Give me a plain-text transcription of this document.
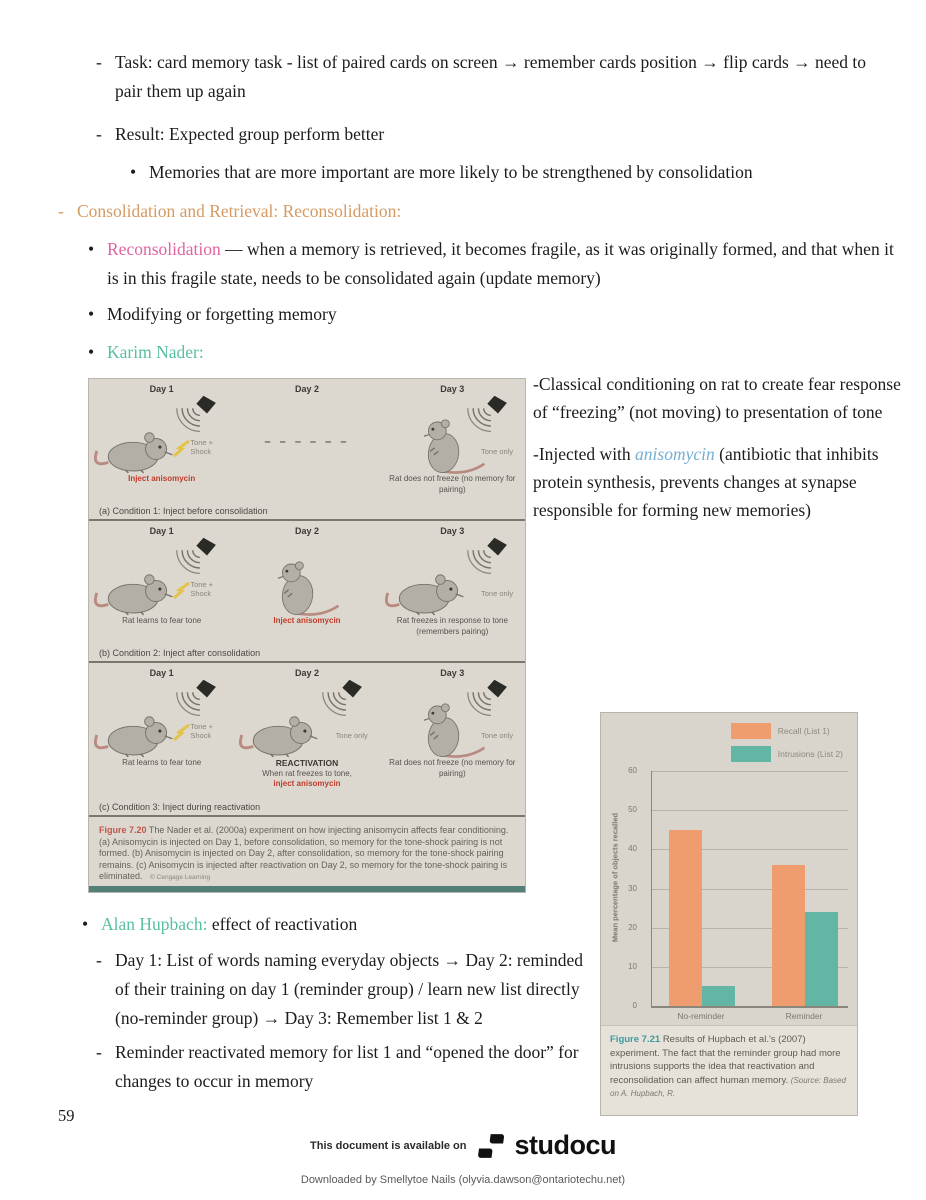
- Task: card memory task - list of paired cards on screen → remember cards position → flip cards → need to pair them up again
- Result: Expected group perform better
• Memories that are more important are more likely to be strengthened by consolidation
- Consolidation and Retrieval: Reconsolidation:
• Reconsolidation — when a memory is retrieved, it becomes fragile, as it was originally formed, and that when it is in this fragile state, needs to be consolidated again (update memory)
• Modifying or forgetting memory
• Karim Nader:
Day 1
Tone + Shock
Inject anisomycin
Day 2
– – – – – –
Day 3
Tone only
Rat does not freeze (no memory for pairing)
(a) Condition 1: Inject before consolidation
Day 1
Tone + Shock
Rat learns to fear tone
Day 2
Inject anisomycin
Day 3
Tone only
Rat freezes in response to tone (remembers pairing)
(b) Condition 2: Inject after consolidation
Day 1
Tone + Shock
Rat learns to fear tone
Day 2
Tone only
REACTIVATION
When rat freezes to tone,
inject anisomycin
Day 3
Tone only
Rat does not freeze (no memory for pairing)
(c) Condition 3: Inject during reactivation
Figure 7.20 The Nader et al. (2000a) experiment on how injecting anisomycin affects fear conditioning. (a) Anisomycin is injected on Day 1, before consolidation, so memory for the tone-shock pairing is not formed. (b) Anisomycin is injected on Day 2, after consolidation, so memory for the tone-shock pairing remains. (c) Anisomycin is injected after reactivation on Day 2, so memory for the tone-shock pairing is eliminated. © Cengage Learning

-Classical conditioning on rat to create fear response of “freezing” (not moving) to presentation of tone

-Injected with anisomycin (antibiotic that inhibits protein synthesis, prevents changes at synapse responsible for forming new memories)

Recall (List 1)
Intrusions (List 2)
Mean percentage of objects recalled
0
10
20
30
40
50
60
Figure 7.21 Results of Hupbach et al.'s (2007) experiment. The fact that the reminder group had more intrusions supports the idea that reactivation and reconsolidation can affect human memory. (Source: Based on A. Hupbach, R.
No-reminder	Reminder
• Alan Hupbach: effect of reactivation
- Day 1: List of words naming everyday objects → Day 2: reminded of their training on day 1 (reminder group) / learn new list directly (no-reminder group) → Day 3: Remember list 1 & 2
- Reminder reactivated memory for list 1 and “opened the door” for changes to occur in memory
59
This document is available on studocu
Downloaded by Smellytoe Nails (olyvia.dawson@ontariotechu.net)
